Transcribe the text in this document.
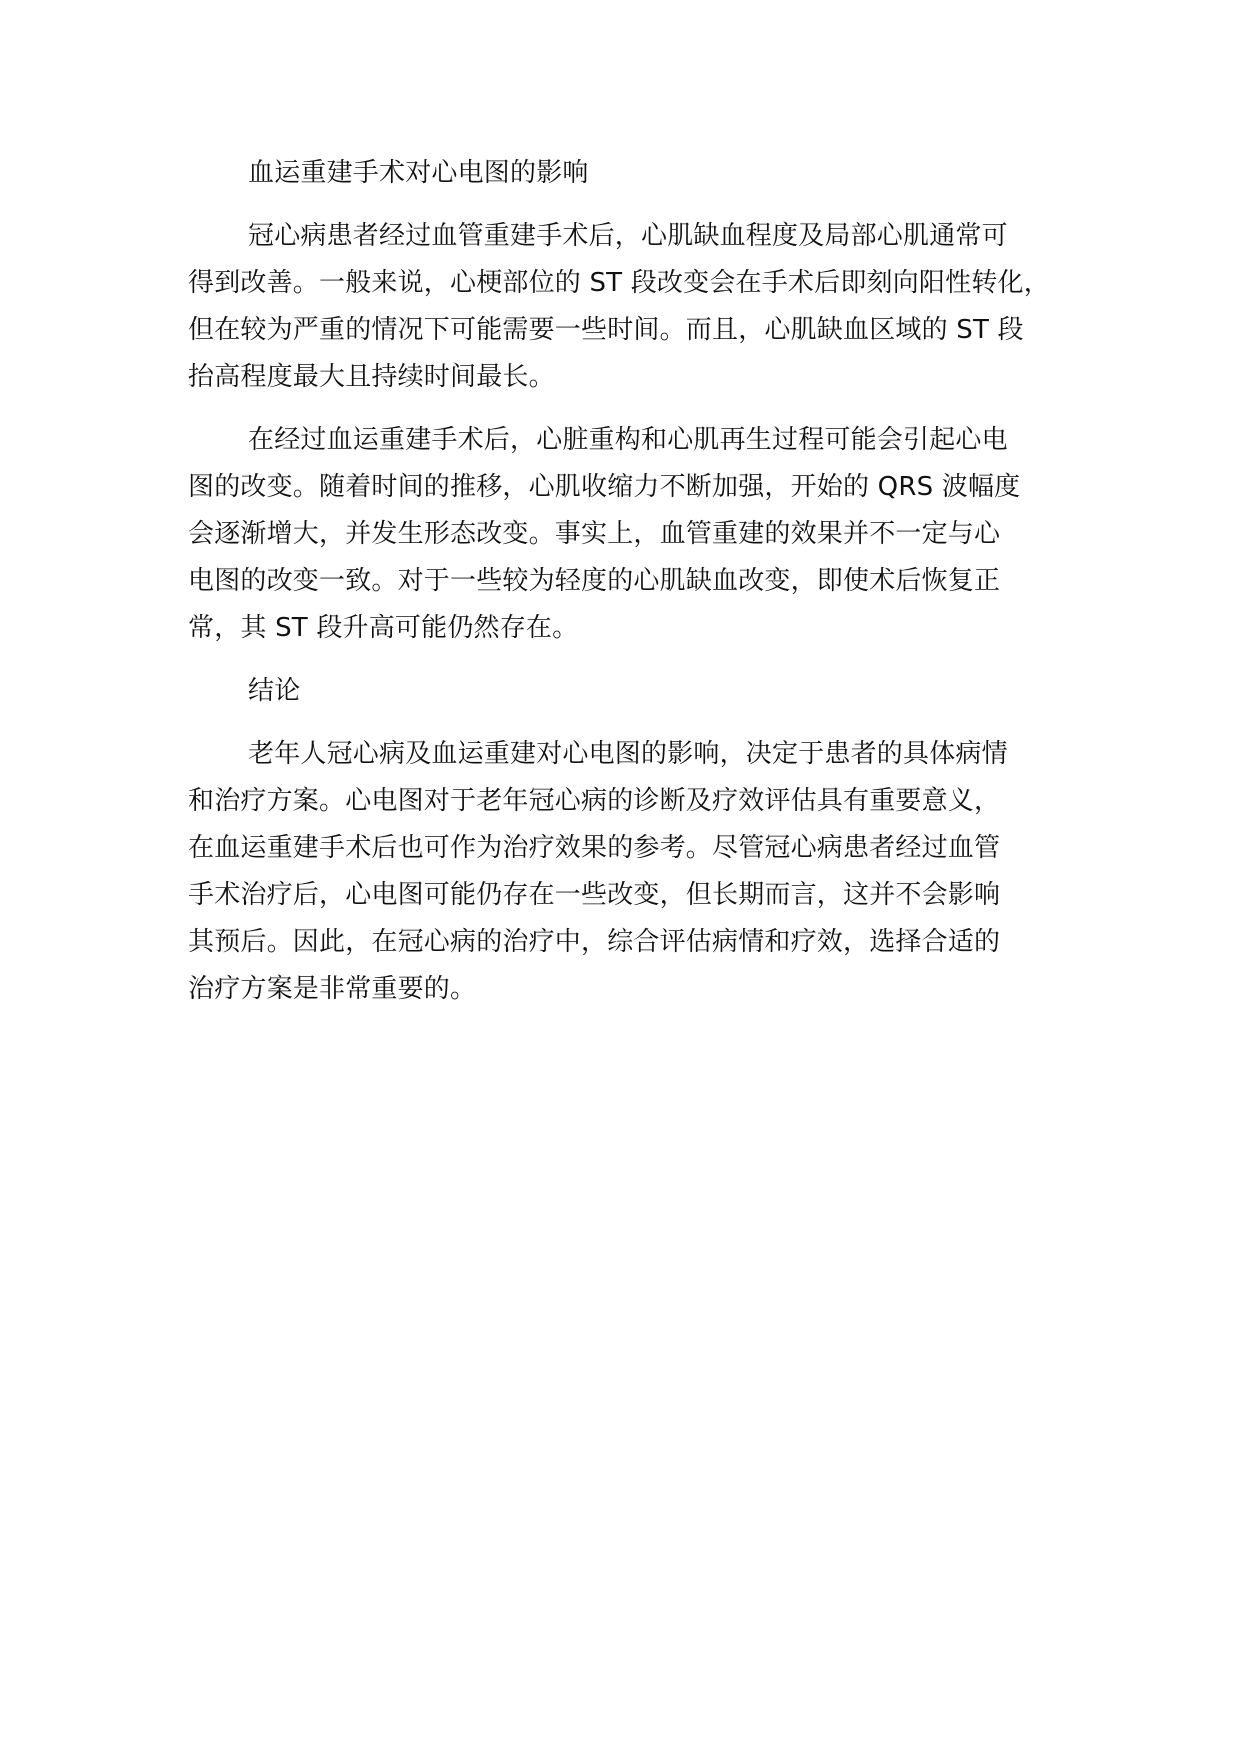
血运重建手术对心电图的影响
冠心病患者经过血管重建手术后，心肌缺血程度及局部心肌通常可
得到改善。一般来说，心梗部位的 ST 段改变会在手术后即刻向阳性转化，
但在较为严重的情况下可能需要一些时间。而且，心肌缺血区域的 ST 段
抬高程度最大且持续时间最长。
在经过血运重建手术后，心脏重构和心肌再生过程可能会引起心电
图的改变。随着时间的推移，心肌收缩力不断加强，开始的 QRS 波幅度
会逐渐增大，并发生形态改变。事实上，血管重建的效果并不一定与心
电图的改变一致。对于一些较为轻度的心肌缺血改变，即使术后恢复正
常，其 ST 段升高可能仍然存在。
结论
老年人冠心病及血运重建对心电图的影响，决定于患者的具体病情
和治疗方案。心电图对于老年冠心病的诊断及疗效评估具有重要意义，
在血运重建手术后也可作为治疗效果的参考。尽管冠心病患者经过血管
手术治疗后，心电图可能仍存在一些改变，但长期而言，这并不会影响
其预后。因此，在冠心病的治疗中，综合评估病情和疗效，选择合适的
治疗方案是非常重要的。
